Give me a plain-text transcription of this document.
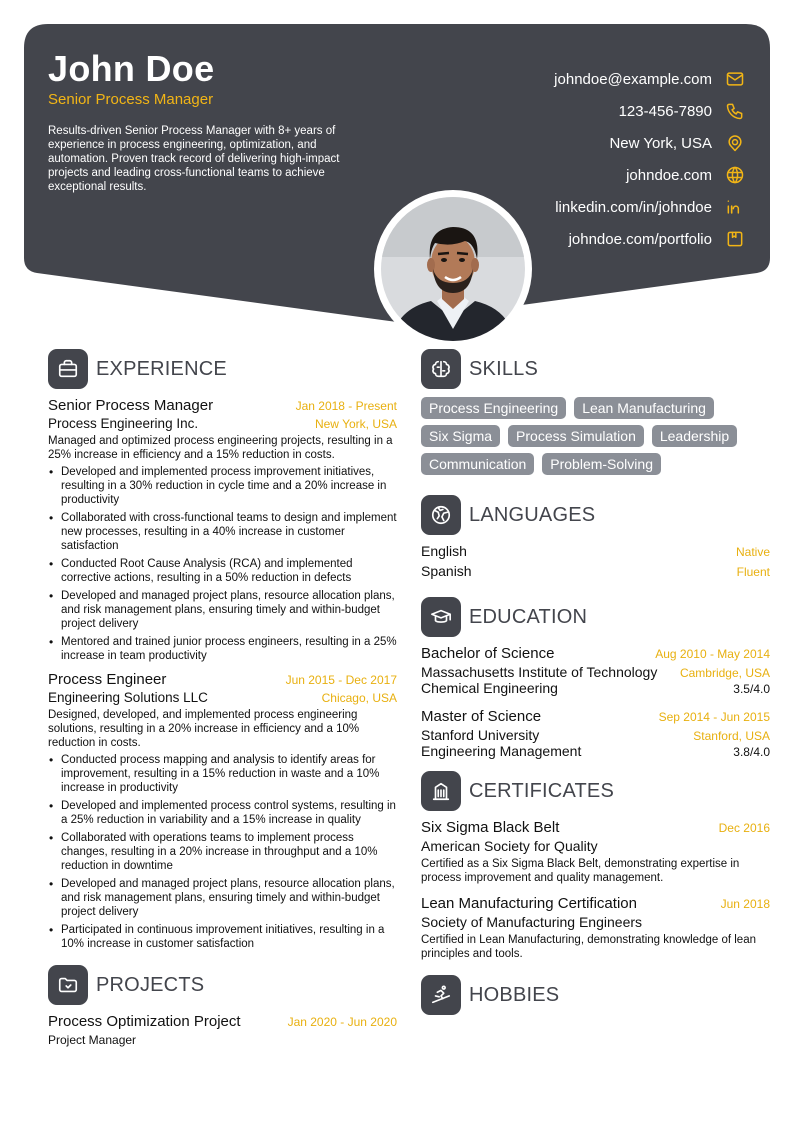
John Doe
Senior Process Manager
Results-driven Senior Process Manager with 8+ years of experience in process engineering, optimization, and automation. Proven track record of delivering high-impact projects and leading cross-functional teams to achieve exceptional results.
johndoe@example.com
123-456-7890
New York, USA
johndoe.com
linkedin.com/in/johndoe
johndoe.com/portfolio
EXPERIENCE
Senior Process Manager	Jan 2018 - Present
Process Engineering Inc.	New York, USA
Managed and optimized process engineering projects, resulting in a 25% increase in efficiency and a 15% reduction in costs.
• Developed and implemented process improvement initiatives, resulting in a 30% reduction in cycle time and a 20% increase in productivity
• Collaborated with cross-functional teams to design and implement new processes, resulting in a 40% increase in customer satisfaction
• Conducted Root Cause Analysis (RCA) and implemented corrective actions, resulting in a 50% reduction in defects
• Developed and managed project plans, resource allocation plans, and risk management plans, ensuring timely and within-budget project delivery
• Mentored and trained junior process engineers, resulting in a 25% increase in team productivity
Process Engineer	Jun 2015 - Dec 2017
Engineering Solutions LLC	Chicago, USA
Designed, developed, and implemented process engineering solutions, resulting in a 20% increase in efficiency and a 10% reduction in costs.
• Conducted process mapping and analysis to identify areas for improvement, resulting in a 15% reduction in waste and a 10% increase in productivity
• Developed and implemented process control systems, resulting in a 25% reduction in variability and a 15% increase in quality
• Collaborated with operations teams to implement process changes, resulting in a 20% increase in throughput and a 10% reduction in downtime
• Developed and managed project plans, resource allocation plans, and risk management plans, ensuring timely and within-budget project delivery
• Participated in continuous improvement initiatives, resulting in a 10% increase in customer satisfaction
PROJECTS
Process Optimization Project	Jan 2020 - Jun 2020
Project Manager
SKILLS
Process Engineering	Lean Manufacturing
Six Sigma	Process Simulation	Leadership
Communication	Problem-Solving
LANGUAGES
English	Native
Spanish	Fluent
EDUCATION
Bachelor of Science	Aug 2010 - May 2014
Massachusetts Institute of Technology Cambridge, USA
Chemical Engineering	3.5/4.0
Master of Science	Sep 2014 - Jun 2015
Stanford University	Stanford, USA
Engineering Management	3.8/4.0
CERTIFICATES
Six Sigma Black Belt	Dec 2016
American Society for Quality
Certified as a Six Sigma Black Belt, demonstrating expertise in process improvement and quality management.
Lean Manufacturing Certification	Jun 2018
Society of Manufacturing Engineers
Certified in Lean Manufacturing, demonstrating knowledge of lean principles and tools.
HOBBIES
